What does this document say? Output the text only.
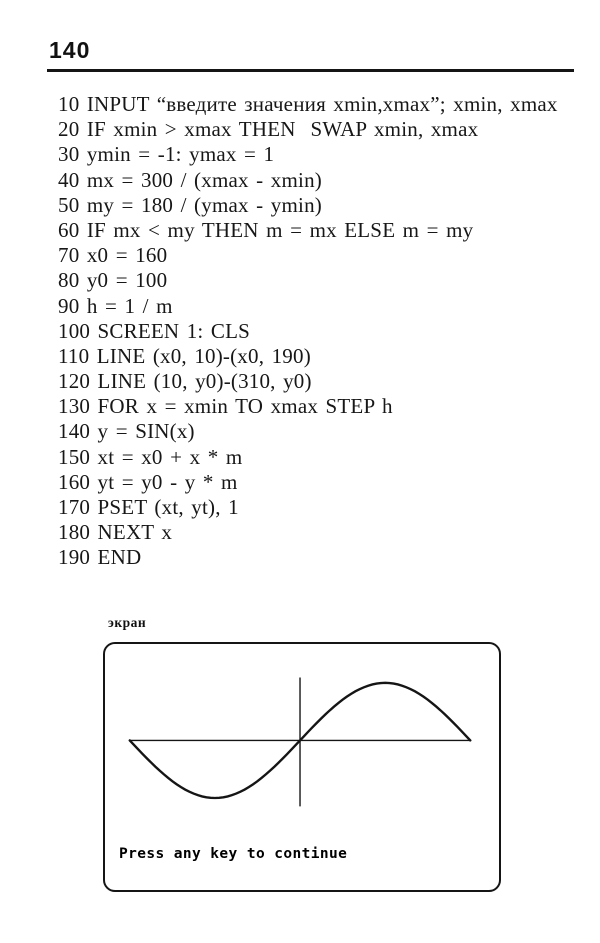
140
10 INPUT “введите значения xmin,xmax”; xmin, xmax
20 IF xmin > xmax THEN  SWAP xmin, xmax
30 ymin = -1: ymax = 1
40 mx = 300 / (xmax - xmin)
50 my = 180 / (ymax - ymin)
60 IF mx < my THEN m = mx ELSE m = my
70 x0 = 160
80 y0 = 100
90 h = 1 / m
100 SCREEN 1: CLS
110 LINE (x0, 10)-(x0, 190)
120 LINE (10, y0)-(310, y0)
130 FOR x = xmin TO xmax STEP h
140 y = SIN(x)
150 xt = x0 + x * m
160 yt = y0 - y * m
170 PSET (xt, yt), 1
180 NEXT x
190 END
экран
Press any key to continue
